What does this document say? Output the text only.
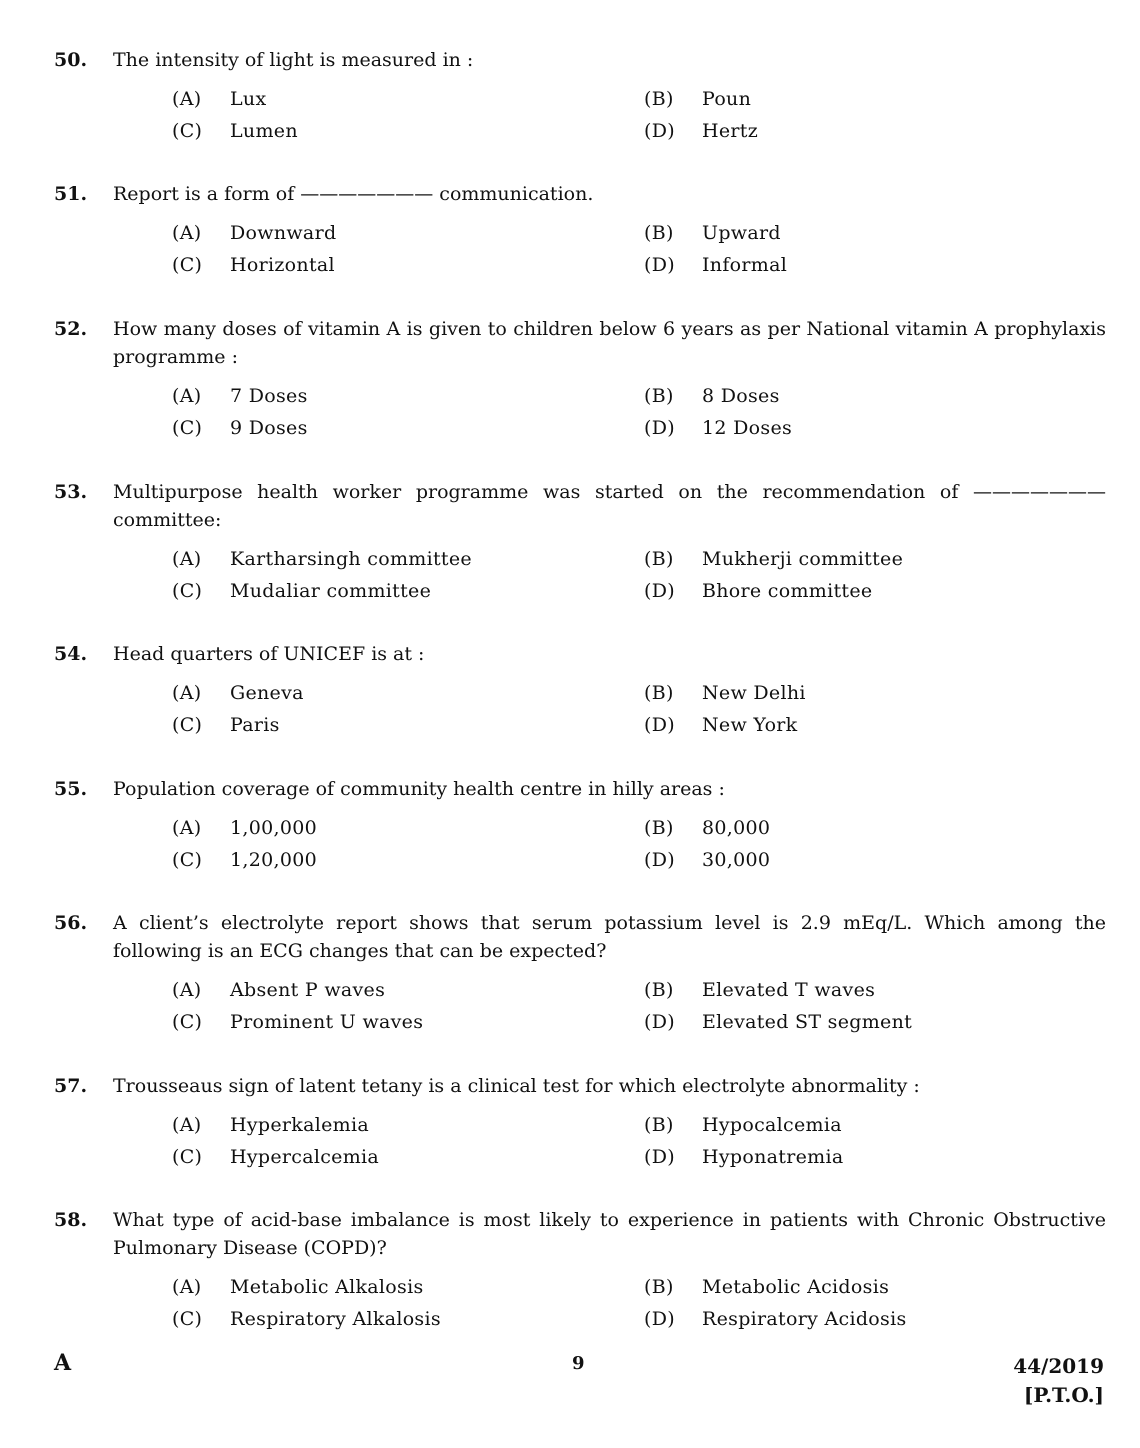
50.	The intensity of light is measured in :
(A)	Lux	(B)	Poun
(C)	Lumen	(D)	Hertz
51.	Report is a form of ——————— communication.
(A)	Downward	(B)	Upward
(C)	Horizontal	(D)	Informal
52.	How many doses of vitamin A is given to children below 6 years as per National vitamin A prophylaxis programme :
(A)	7 Doses	(B)	8 Doses
(C)	9 Doses	(D)	12 Doses
53.	Multipurpose health worker programme was started on the recommendation of ——————— committee:
(A)	Kartharsingh committee	(B)	Mukherji committee
(C)	Mudaliar committee	(D)	Bhore committee
54.	Head quarters of UNICEF is at :
(A)	Geneva	(B)	New Delhi
(C)	Paris	(D)	New York
55.	Population coverage of community health centre in hilly areas :
(A)	1,00,000	(B)	80,000
(C)	1,20,000	(D)	30,000
56.	A client’s electrolyte report shows that serum potassium level is 2.9 mEq/L. Which among the following is an ECG changes that can be expected?
(A)	Absent P waves	(B)	Elevated T waves
(C)	Prominent U waves	(D)	Elevated ST segment
57.	Trousseaus sign of latent tetany is a clinical test for which electrolyte abnormality :
(A)	Hyperkalemia	(B)	Hypocalcemia
(C)	Hypercalcemia	(D)	Hyponatremia
58.	What type of acid-base imbalance is most likely to experience in patients with Chronic Obstructive Pulmonary Disease (COPD)?
(A)	Metabolic Alkalosis	(B)	Metabolic Acidosis
(C)	Respiratory Alkalosis	(D)	Respiratory Acidosis
A	9	44/2019
[P.T.O.]
